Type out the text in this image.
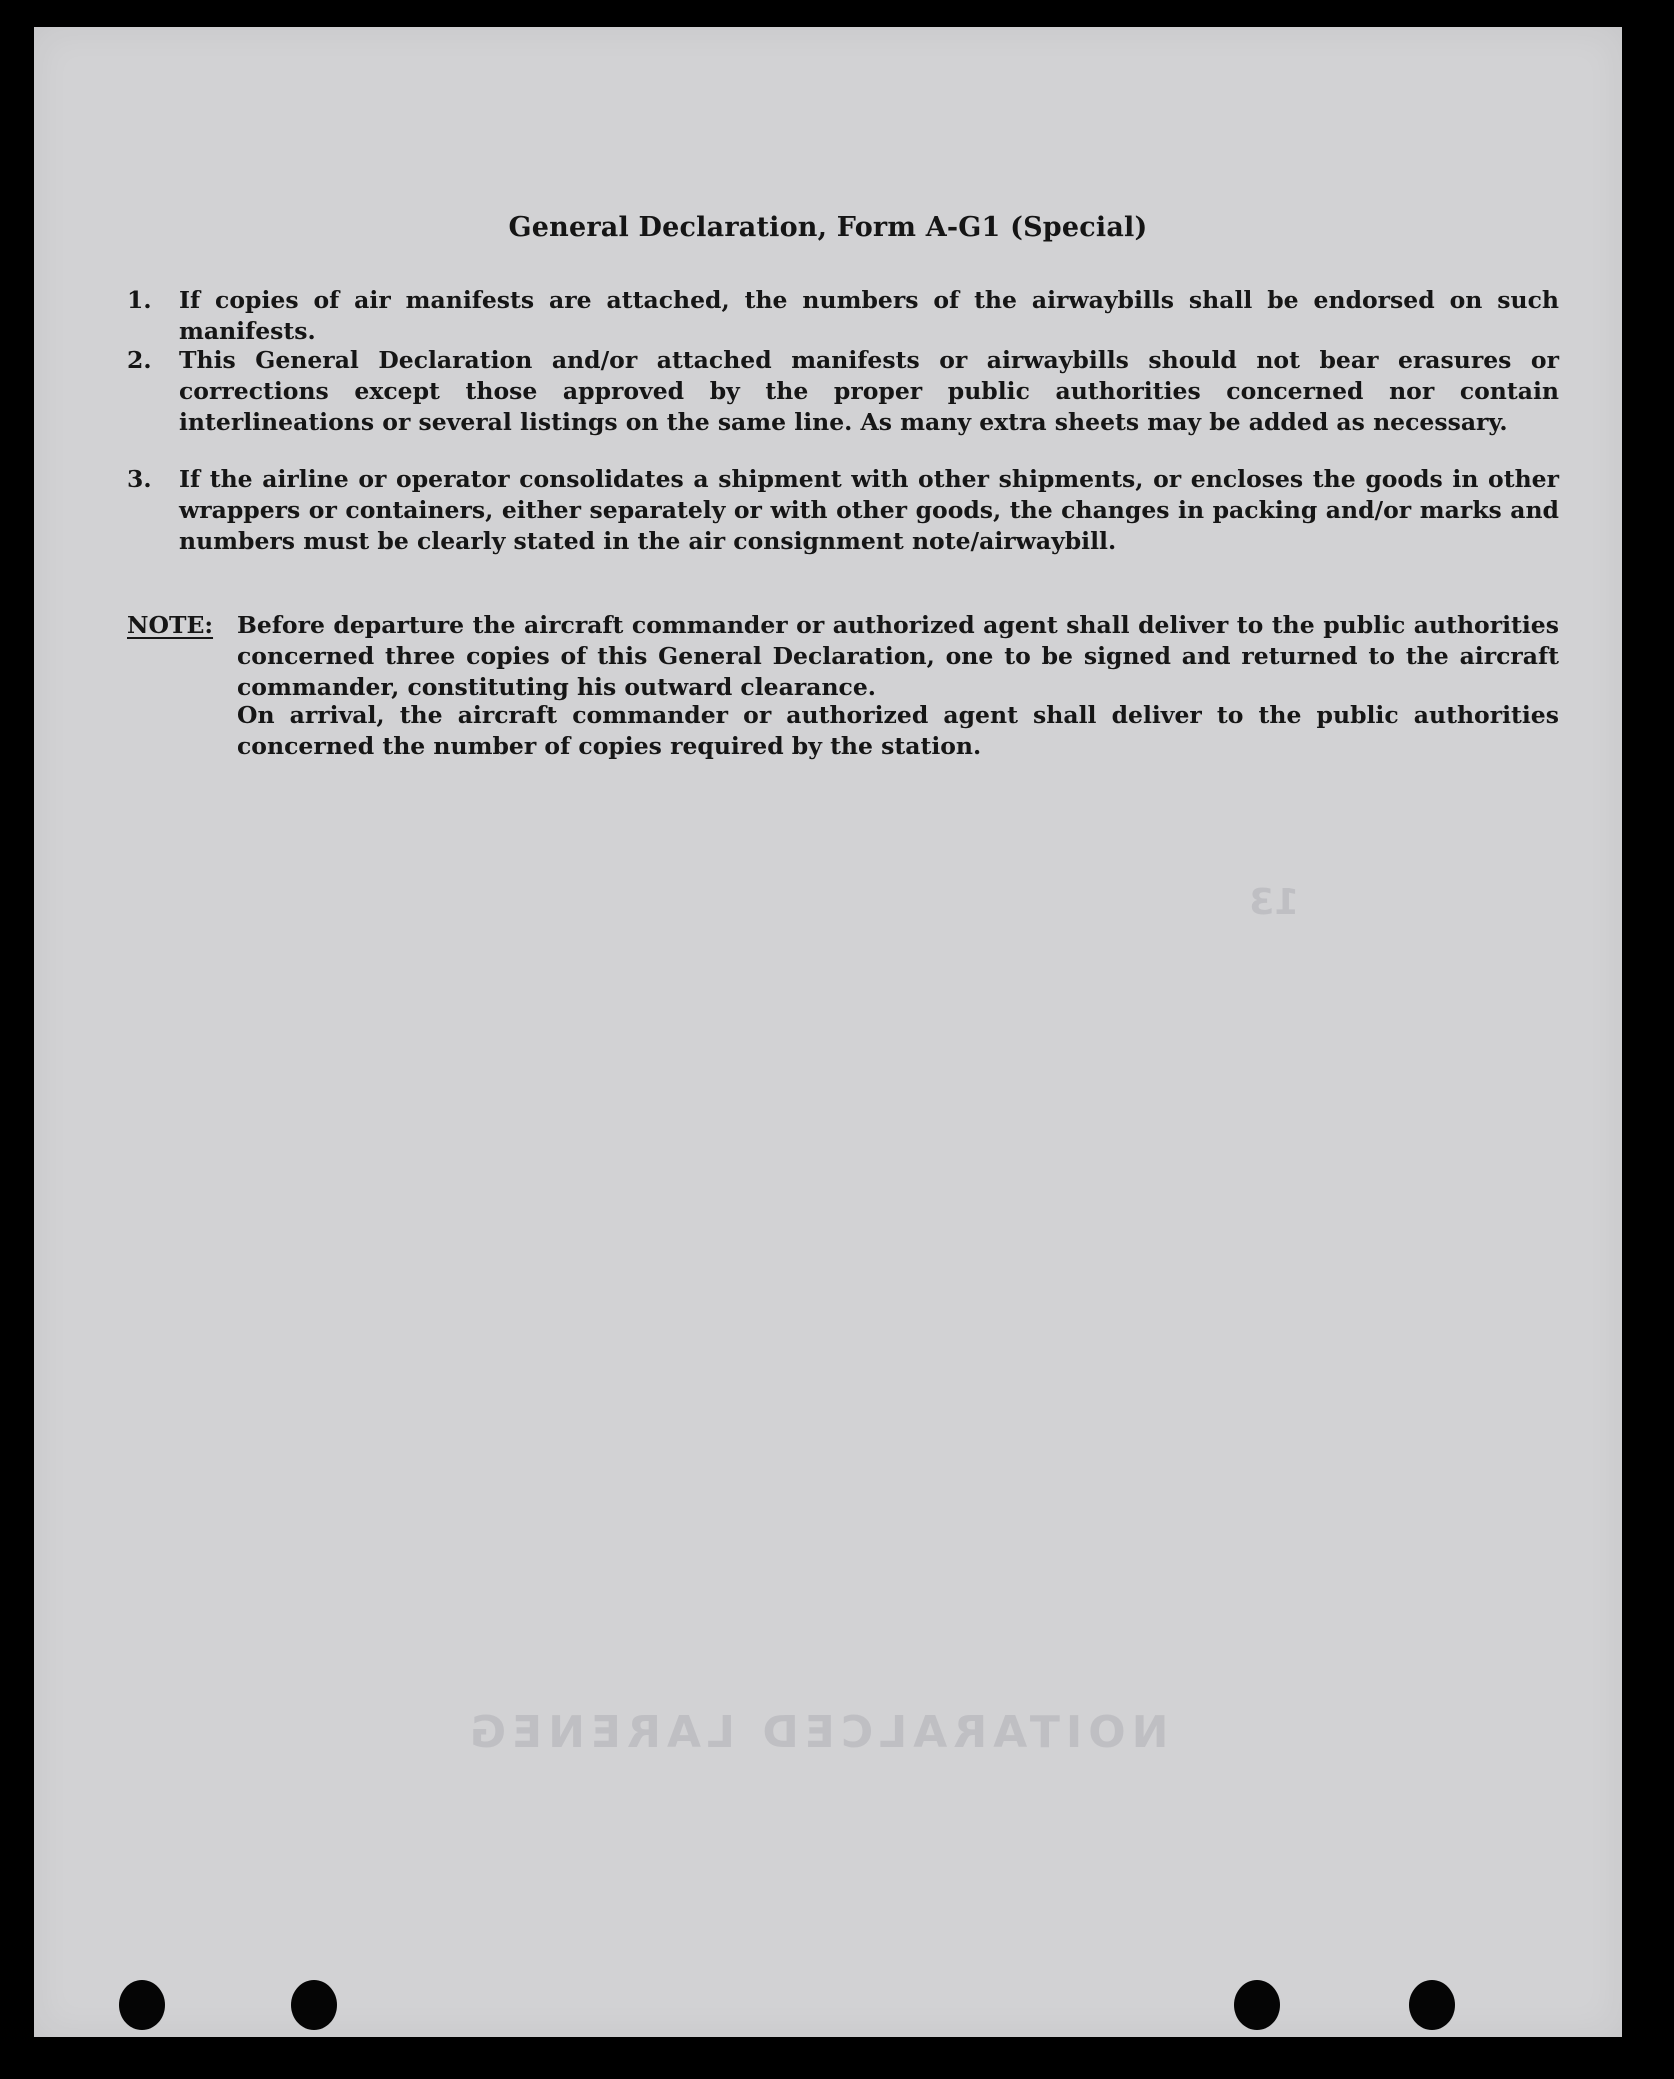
13
NOITARALCED LARENEG
General Declaration, Form A-G1 (Special)
1. If copies of air manifests are attached, the numbers of the airwaybills shall be endorsed on such manifests.
2. This General Declaration and/or attached manifests or airwaybills should not bear erasures or corrections except those approved by the proper public authorities concerned nor contain interlineations or several listings on the same line. As many extra sheets may be added as necessary.
3. If the airline or operator consolidates a shipment with other shipments, or encloses the goods in other wrappers or containers, either separately or with other goods, the changes in packing and/or marks and numbers must be clearly stated in the air consignment note/airwaybill.
NOTE: Before departure the aircraft commander or authorized agent shall deliver to the public authorities concerned three copies of this General Declaration, one to be signed and returned to the aircraft commander, constituting his outward clearance.
On arrival, the aircraft commander or authorized agent shall deliver to the public authorities concerned the number of copies required by the station.
